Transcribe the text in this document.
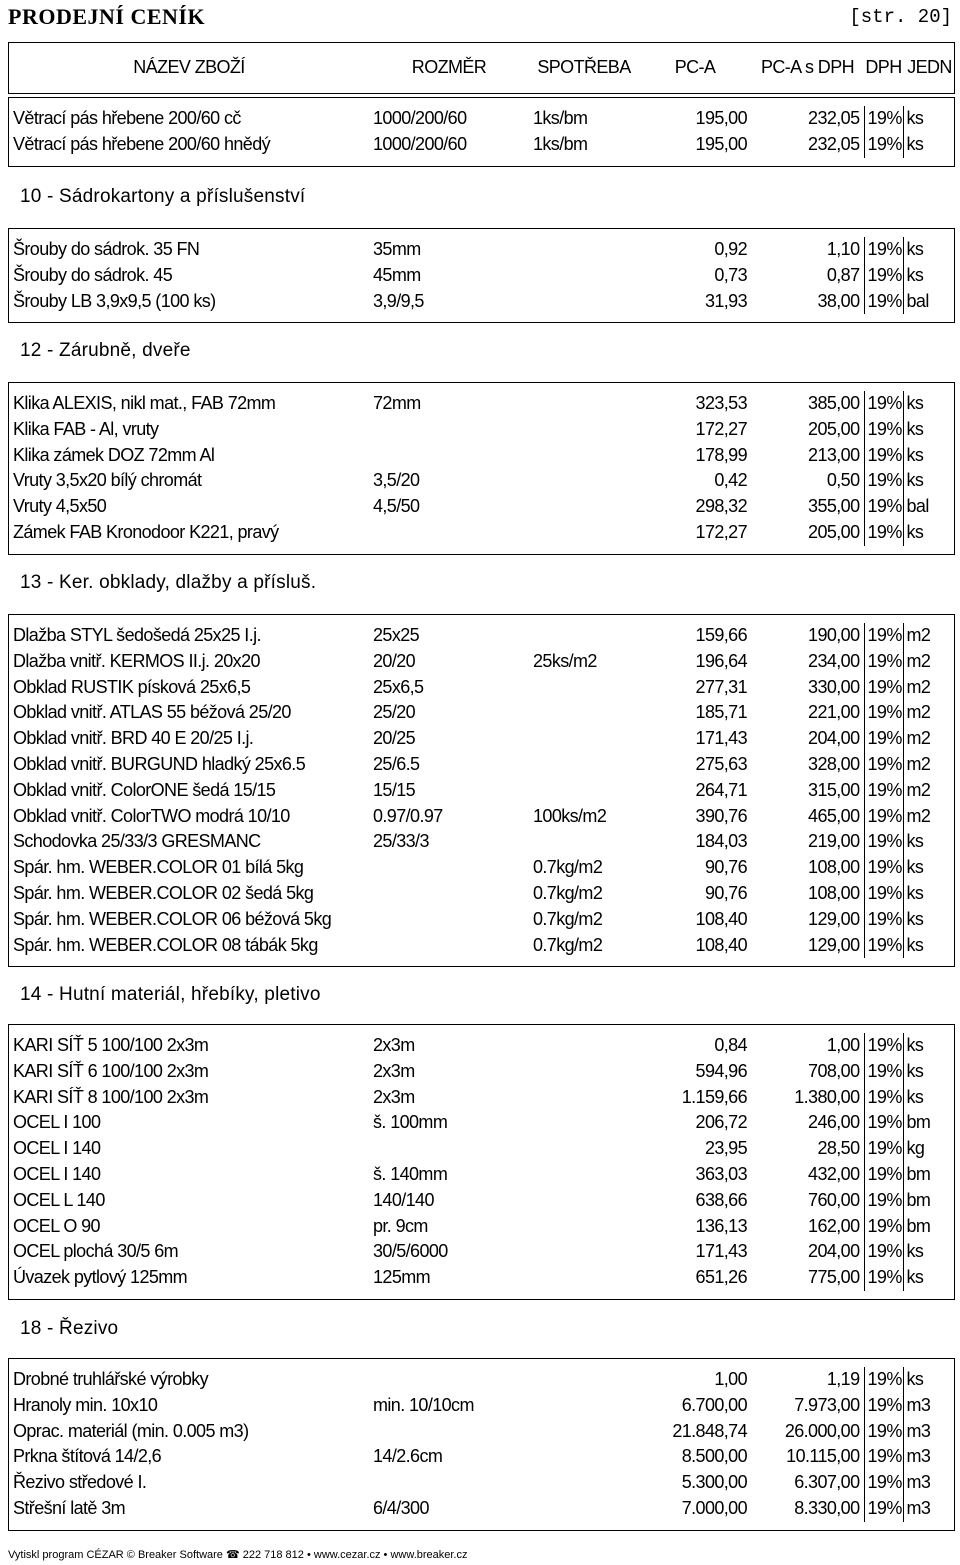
PRODEJNÍ CENÍK	[str. 20]
NÁZEV ZBOŽÍ	ROZMĚR	SPOTŘEBA	PC-A	PC-A s DPH	DPH	JEDN
Větrací pás hřebene 200/60 cč	1000/200/60	1ks/bm	195,00	232,05	19%	ks
Větrací pás hřebene 200/60 hnědý	1000/200/60	1ks/bm	195,00	232,05	19%	ks
10 - Sádrokartony a příslušenství
Šrouby do sádrok. 35 FN	35mm		0,92	1,10	19%	ks
Šrouby do sádrok. 45	45mm		0,73	0,87	19%	ks
Šrouby LB 3,9x9,5 (100 ks)	3,9/9,5		31,93	38,00	19%	bal
12 - Zárubně, dveře
Klika ALEXIS, nikl mat., FAB 72mm	72mm		323,53	385,00	19%	ks
Klika FAB - Al, vruty			172,27	205,00	19%	ks
Klika zámek DOZ 72mm Al			178,99	213,00	19%	ks
Vruty 3,5x20 bílý chromát	3,5/20		0,42	0,50	19%	ks
Vruty 4,5x50	4,5/50		298,32	355,00	19%	bal
Zámek FAB Kronodoor K221, pravý			172,27	205,00	19%	ks
13 - Ker. obklady, dlažby a přísluš.
Dlažba STYL šedošedá 25x25 I.j.	25x25		159,66	190,00	19%	m2
Dlažba vnitř. KERMOS II.j. 20x20	20/20	25ks/m2	196,64	234,00	19%	m2
Obklad RUSTIK písková 25x6,5	25x6,5		277,31	330,00	19%	m2
Obklad vnitř. ATLAS 55 béžová 25/20	25/20		185,71	221,00	19%	m2
Obklad vnitř. BRD 40 E 20/25 I.j.	20/25		171,43	204,00	19%	m2
Obklad vnitř. BURGUND hladký 25x6.5	25/6.5		275,63	328,00	19%	m2
Obklad vnitř. ColorONE šedá 15/15	15/15		264,71	315,00	19%	m2
Obklad vnitř. ColorTWO modrá 10/10	0.97/0.97	100ks/m2	390,76	465,00	19%	m2
Schodovka 25/33/3 GRESMANC	25/33/3		184,03	219,00	19%	ks
Spár. hm. WEBER.COLOR 01 bílá 5kg		0.7kg/m2	90,76	108,00	19%	ks
Spár. hm. WEBER.COLOR 02 šedá 5kg		0.7kg/m2	90,76	108,00	19%	ks
Spár. hm. WEBER.COLOR 06 béžová 5kg		0.7kg/m2	108,40	129,00	19%	ks
Spár. hm. WEBER.COLOR 08 tábák 5kg		0.7kg/m2	108,40	129,00	19%	ks
14 - Hutní materiál, hřebíky, pletivo
KARI SÍŤ 5 100/100 2x3m	2x3m		0,84	1,00	19%	ks
KARI SÍŤ 6 100/100 2x3m	2x3m		594,96	708,00	19%	ks
KARI SÍŤ 8 100/100 2x3m	2x3m		1.159,66	1.380,00	19%	ks
OCEL I 100	š. 100mm		206,72	246,00	19%	bm
OCEL I 140			23,95	28,50	19%	kg
OCEL I 140	š. 140mm		363,03	432,00	19%	bm
OCEL L 140	140/140		638,66	760,00	19%	bm
OCEL O 90	pr. 9cm		136,13	162,00	19%	bm
OCEL plochá 30/5 6m	30/5/6000		171,43	204,00	19%	ks
Úvazek pytlový 125mm	125mm		651,26	775,00	19%	ks
18 - Řezivo
Drobné truhlářské výrobky			1,00	1,19	19%	ks
Hranoly min. 10x10	min. 10/10cm		6.700,00	7.973,00	19%	m3
Oprac. materiál (min. 0.005 m3)			21.848,74	26.000,00	19%	m3
Prkna štítová 14/2,6	14/2.6cm		8.500,00	10.115,00	19%	m3
Řezivo středové I.			5.300,00	6.307,00	19%	m3
Střešní latě 3m	6/4/300		7.000,00	8.330,00	19%	m3
Vytiskl program CÉZAR © Breaker Software ☎ 222 718 812 • www.cezar.cz • www.breaker.cz
